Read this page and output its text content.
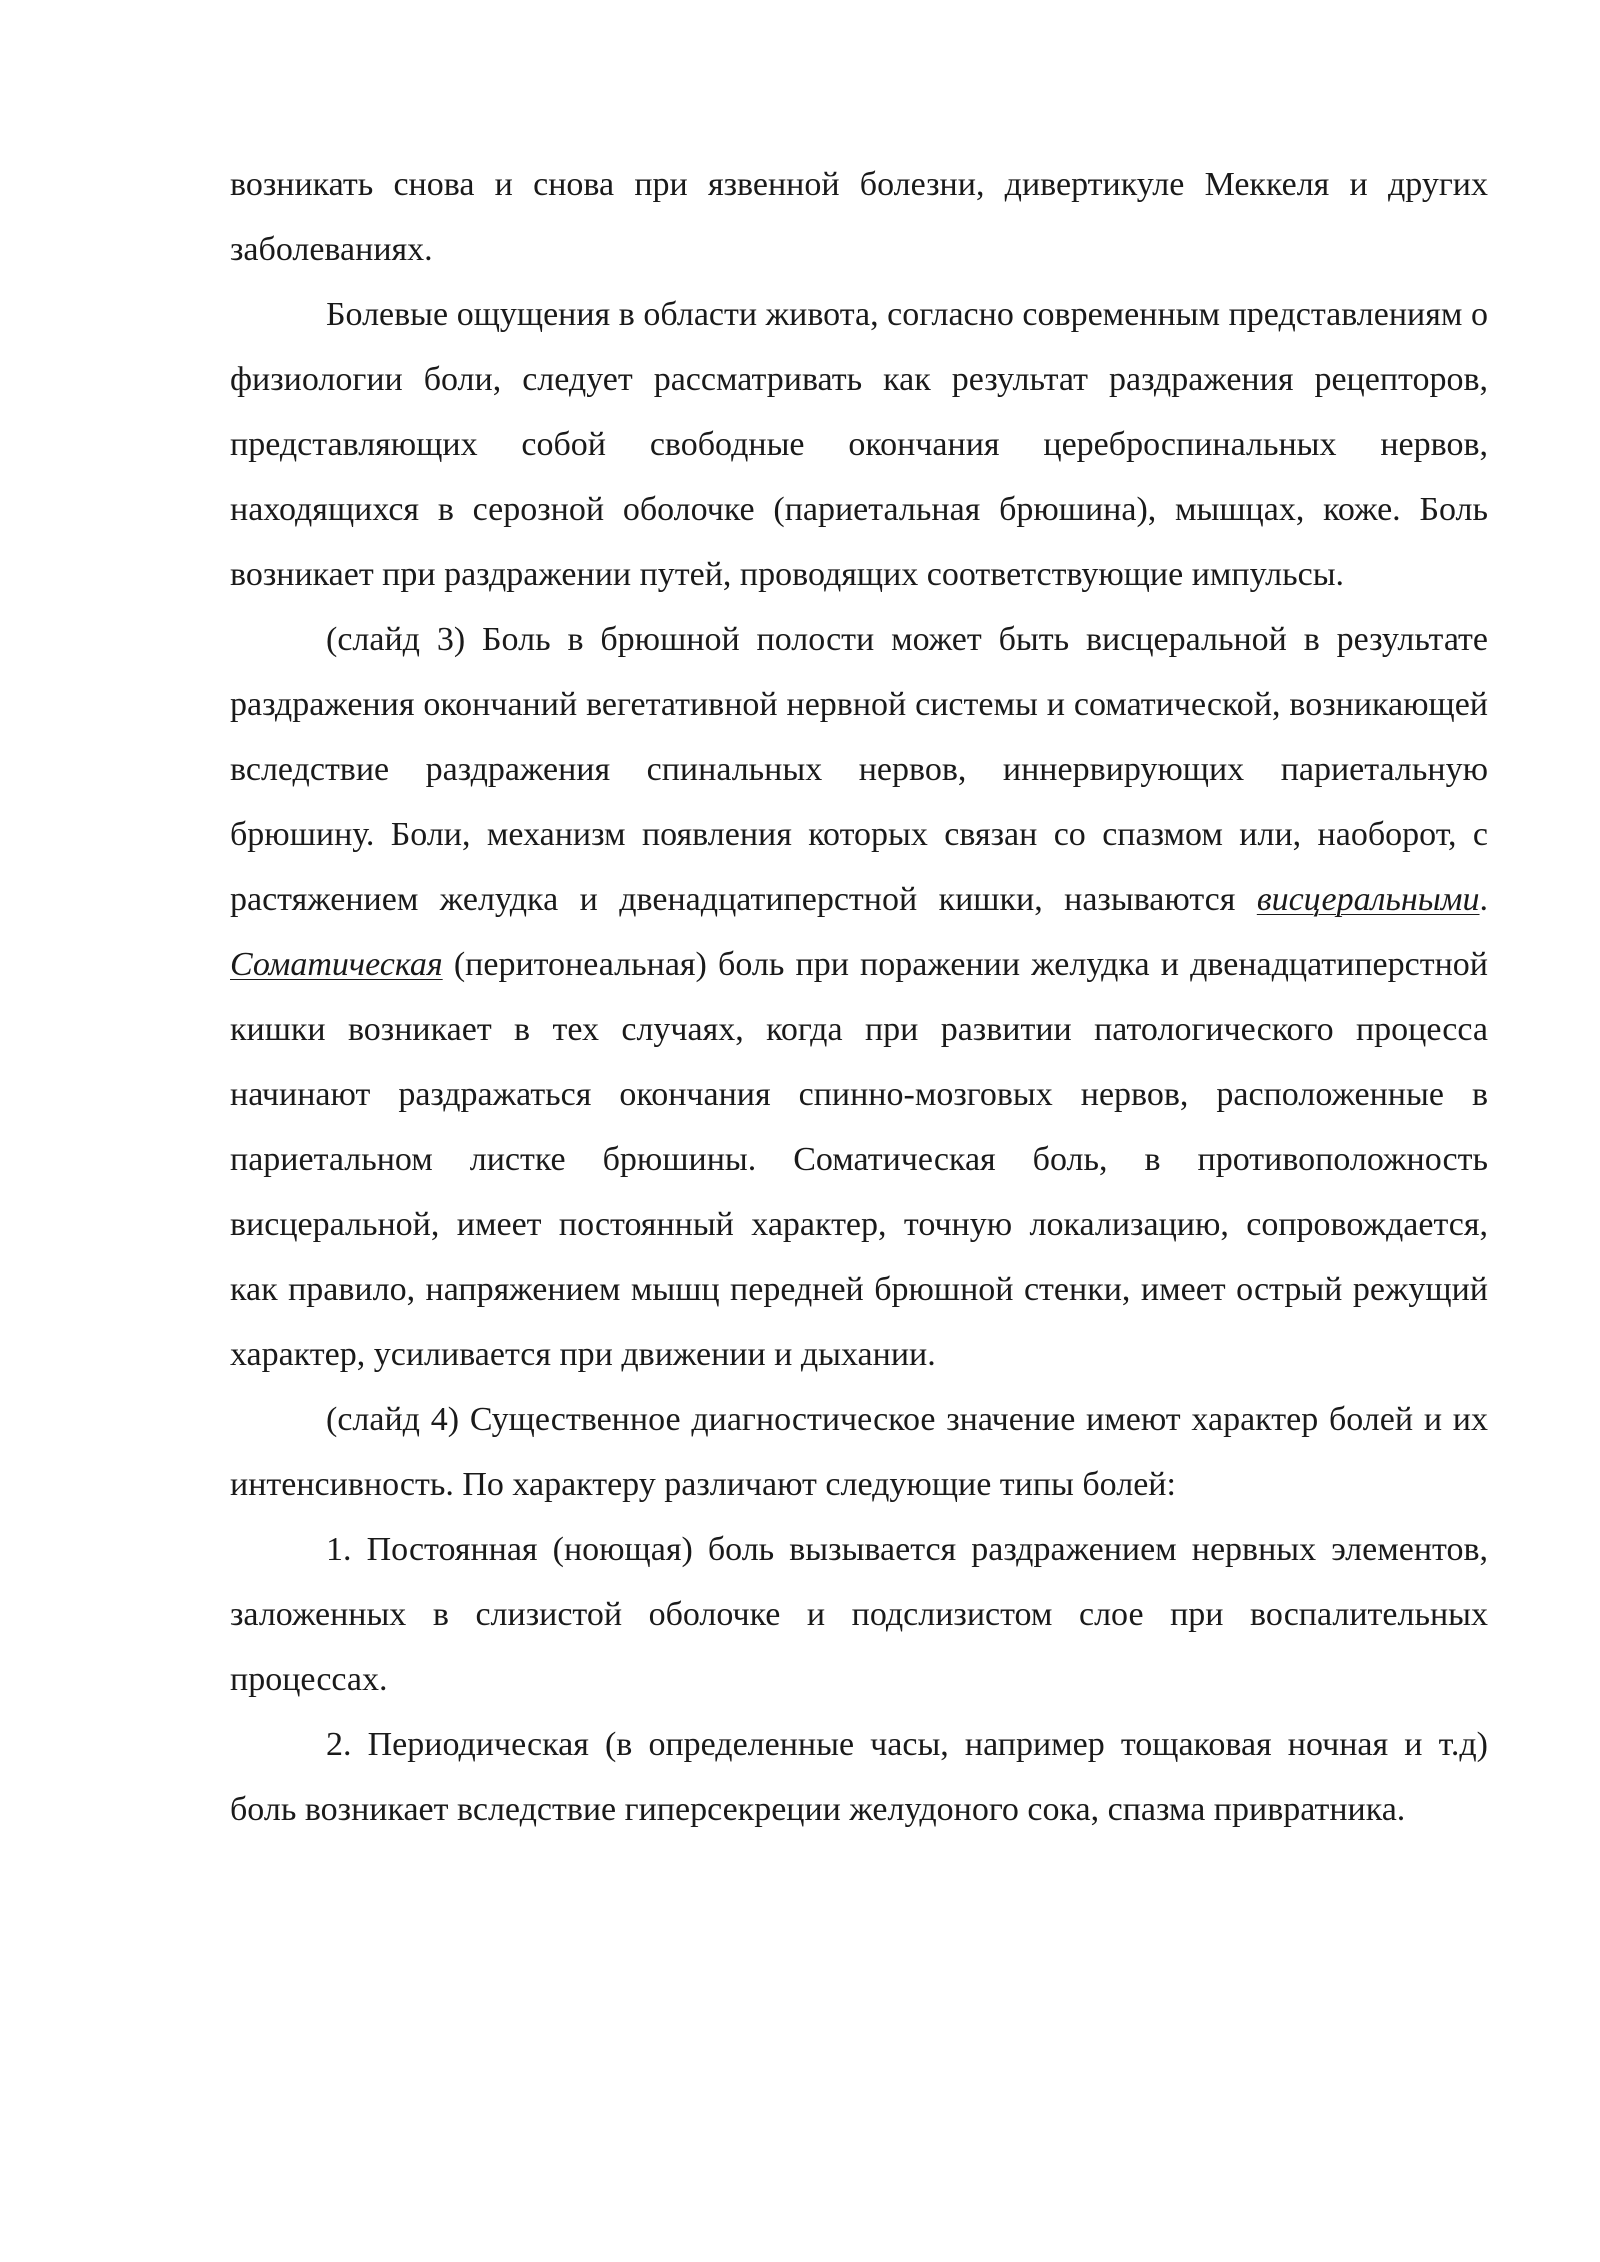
возникать снова и снова при язвенной болезни, дивертикуле Меккеля и других заболеваниях.

Болевые ощущения в области живота, согласно современным представлениям о физиологии боли, следует рассматривать как результат раздражения рецепторов, представляющих собой свободные окончания цереброспинальных нервов, находящихся в серозной оболочке (париетальная брюшина), мышцах, коже. Боль возникает при раздражении путей, проводящих соответствующие импульсы.

(слайд 3) Боль в брюшной полости может быть висцеральной в результате раздражения окончаний вегетативной нервной системы и соматической, возникающей вследствие раздражения спинальных нервов, иннервирующих париетальную брюшину. Боли, механизм появления которых связан со спазмом или, наоборот, с растяжением желудка и двенадцатиперстной кишки, называются висцеральными. Соматическая (перитонеальная) боль при поражении желудка и двенадцатиперстной кишки возникает в тех случаях, когда при развитии патологического процесса начинают раздражаться окончания спинно-мозговых нервов, расположенные в париетальном листке брюшины. Соматическая боль, в противоположность висцеральной, имеет постоянный характер, точную локализацию, сопровождается, как правило, напряжением мышц передней брюшной стенки, имеет острый режущий характер, усиливается при движении и дыхании.

(слайд 4) Существенное диагностическое значение имеют характер болей и их интенсивность. По характеру различают следующие типы болей:

1. Постоянная (ноющая) боль вызывается раздражением нервных элементов, заложенных в слизистой оболочке и подслизистом слое при воспалительных процессах.

2. Периодическая (в определенные часы, например тощаковая ночная и т.д) боль возникает вследствие гиперсекреции желудоного сока, спазма привратника.
